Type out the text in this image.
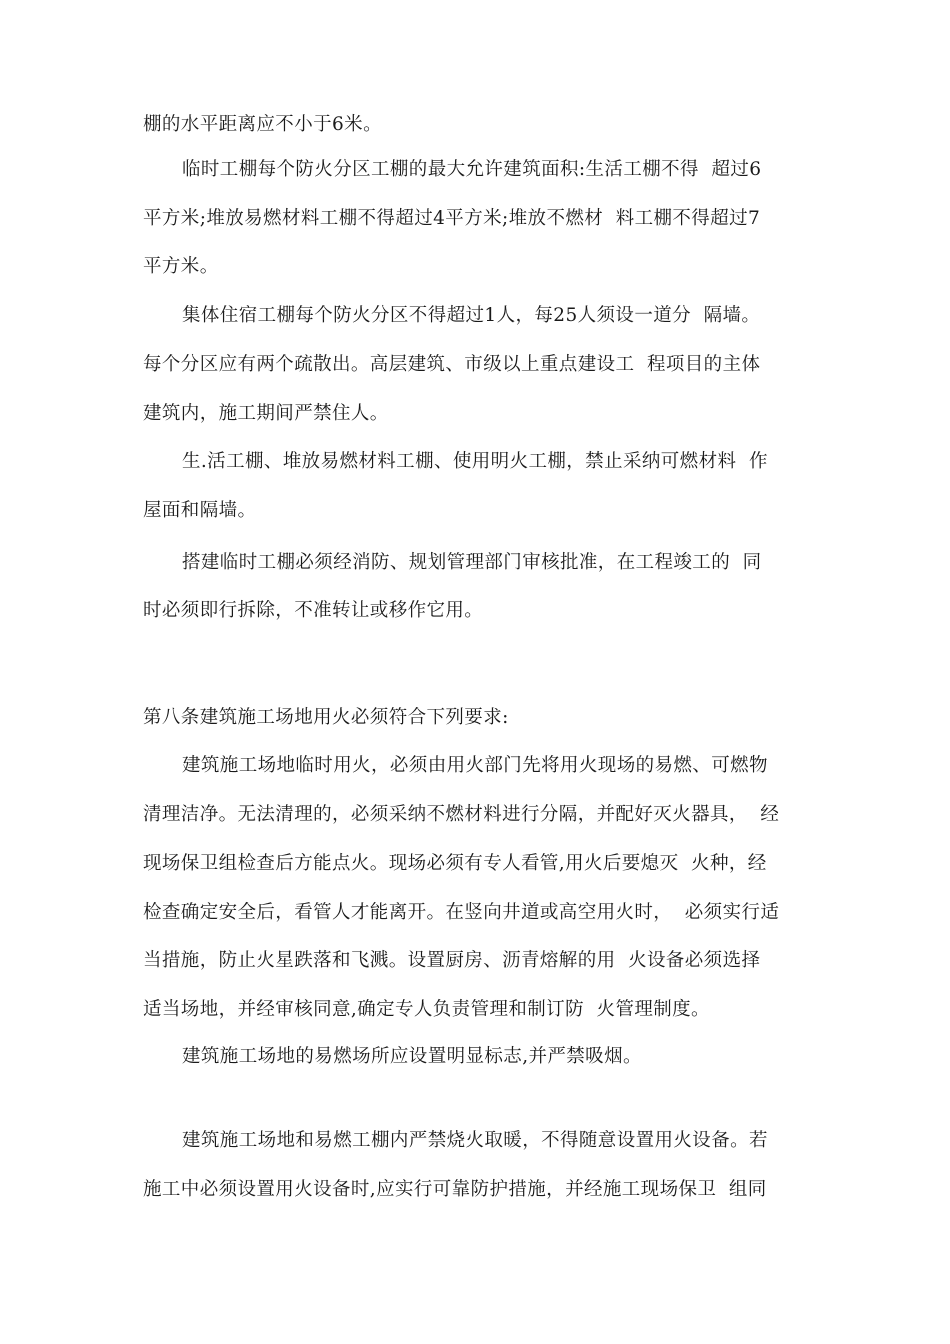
棚的水平距离应不小于6米。
临时工棚每个防火分区工棚的最大允许建筑面积:生活工棚不得  超过6
平方米;堆放易燃材料工棚不得超过4平方米;堆放不燃材  料工棚不得超过7
平方米。
集体住宿工棚每个防火分区不得超过1人，每25人须设一道分  隔墙。
每个分区应有两个疏散出。高层建筑、市级以上重点建设工  程项目的主体
建筑内，施工期间严禁住人。
生.活工棚、堆放易燃材料工棚、使用明火工棚，禁止采纳可燃材料  作
屋面和隔墙。
搭建临时工棚必须经消防、规划管理部门审核批准，在工程竣工的  同
时必须即行拆除，不准转让或移作它用。
第八条建筑施工场地用火必须符合下列要求:
建筑施工场地临时用火，必须由用火部门先将用火现场的易燃、可燃物
清理洁净。无法清理的，必须采纳不燃材料进行分隔，并配好灭火器具，  经
现场保卫组检查后方能点火。现场必须有专人看管,用火后要熄灭  火种，经
检查确定安全后，看管人才能离开。在竖向井道或高空用火时，  必须实行适
当措施，防止火星跌落和飞溅。设置厨房、沥青熔解的用  火设备必须选择
适当场地，并经审核同意,确定专人负责管理和制订防  火管理制度。
建筑施工场地的易燃场所应设置明显标志,并严禁吸烟。
建筑施工场地和易燃工棚内严禁烧火取暖，不得随意设置用火设备。若
施工中必须设置用火设备时,应实行可靠防护措施，并经施工现场保卫  组同
